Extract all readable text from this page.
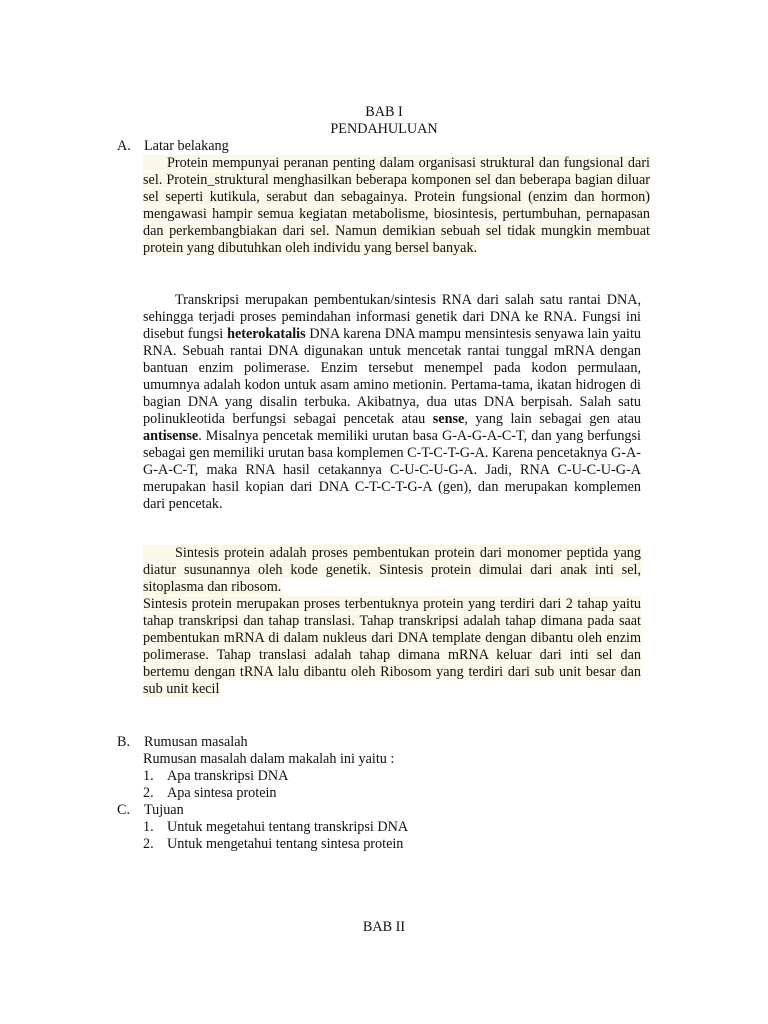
BAB I
PENDAHULUAN
A. Latar belakang

Protein mempunyai peranan penting dalam organisasi struktural dan fungsional dari sel. Protein_struktural menghasilkan beberapa komponen sel dan beberapa bagian diluar sel seperti kutikula, serabut dan sebagainya. Protein fungsional (enzim dan hormon) mengawasi hampir semua kegiatan metabolisme, biosintesis, pertumbuhan, pernapasan dan perkembangbiakan dari sel. Namun demikian sebuah sel tidak mungkin membuat protein yang dibutuhkan oleh individu yang bersel banyak.

Transkripsi merupakan pembentukan/sintesis RNA dari salah satu rantai DNA, sehingga terjadi proses pemindahan informasi genetik dari DNA ke RNA. Fungsi ini disebut fungsi heterokatalis DNA karena DNA mampu mensintesis senyawa lain yaitu RNA. Sebuah rantai DNA digunakan untuk mencetak rantai tunggal mRNA dengan bantuan enzim polimerase. Enzim tersebut menempel pada kodon permulaan, umumnya adalah kodon untuk asam amino metionin. Pertama-tama, ikatan hidrogen di bagian DNA yang disalin terbuka. Akibatnya, dua utas DNA berpisah. Salah satu polinukleotida berfungsi sebagai pencetak atau sense, yang lain sebagai gen atau antisense. Misalnya pencetak memiliki urutan basa G-A-G-A-C-T, dan yang berfungsi sebagai gen memiliki urutan basa komplemen C-T-C-T-G-A. Karena pencetaknya G-A-G-A-C-T, maka RNA hasil cetakannya C-U-C-U-G-A. Jadi, RNA C-U-C-U-G-A merupakan hasil kopian dari DNA C-T-C-T-G-A (gen), dan merupakan komplemen dari pencetak.

Sintesis protein adalah proses pembentukan protein dari monomer peptida yang diatur susunannya oleh kode genetik. Sintesis protein dimulai dari anak inti sel, sitoplasma dan ribosom.

Sintesis protein merupakan proses terbentuknya protein yang terdiri dari 2 tahap yaitu tahap transkripsi dan tahap translasi. Tahap transkripsi adalah tahap dimana pada saat pembentukan mRNA di dalam nukleus dari DNA template dengan dibantu oleh enzim polimerase. Tahap translasi adalah tahap dimana mRNA keluar dari inti sel dan bertemu dengan tRNA lalu dibantu oleh Ribosom yang terdiri dari sub unit besar dan sub unit kecil

B. Rumusan masalah
Rumusan masalah dalam makalah ini yaitu :
1. Apa transkripsi DNA
2. Apa sintesa protein
C. Tujuan
1. Untuk megetahui tentang transkripsi DNA
2. Untuk mengetahui tentang sintesa protein
BAB II
